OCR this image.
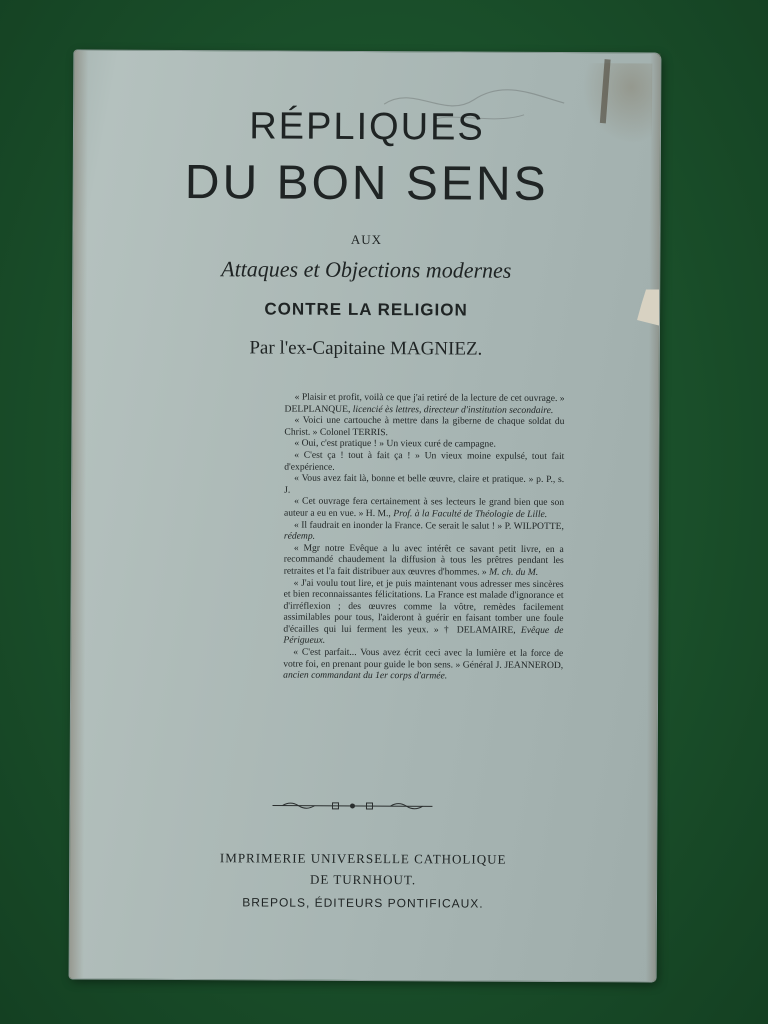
RÉPLIQUES
DU BON SENS
AUX
Attaques et Objections modernes
CONTRE LA RELIGION
Par l'ex-Capitaine MAGNIEZ.

« Plaisir et profit, voilà ce que j'ai retiré de la lecture de cet ouvrage. » DELPLANQUE, licencié ès lettres, directeur d'institution secondaire.

« Voici une cartouche à mettre dans la giberne de chaque soldat du Christ. » Colonel TERRIS.

« Oui, c'est pratique ! » Un vieux curé de campagne.

« C'est ça ! tout à fait ça ! » Un vieux moine expulsé, tout fait d'expérience.

« Vous avez fait là, bonne et belle œuvre, claire et pratique. » p. P., s. J.

« Cet ouvrage fera certainement à ses lecteurs le grand bien que son auteur a eu en vue. » H. M., Prof. à la Faculté de Théologie de Lille.

« Il faudrait en inonder la France. Ce serait le salut ! » P. WILPOTTE, rédemp.

« Mgr notre Evêque a lu avec intérêt ce savant petit livre, en a recommandé chaudement la diffusion à tous les prêtres pendant les retraites et l'a fait distribuer aux œuvres d'hommes. » M. ch. du M.

« J'ai voulu tout lire, et je puis maintenant vous adresser mes sincères et bien reconnaissantes félicitations. La France est malade d'ignorance et d'irréflexion ; des œuvres comme la vôtre, remèdes facilement assimilables pour tous, l'aideront à guérir en faisant tomber une foule d'écailles qui lui ferment les yeux. » † DELAMAIRE, Evêque de Périgueux.

« C'est parfait... Vous avez écrit ceci avec la lumière et la force de votre foi, en prenant pour guide le bon sens. » Général J. JEANNEROD, ancien commandant du 1er corps d'armée.

IMPRIMERIE UNIVERSELLE CATHOLIQUE
DE TURNHOUT.
BREPOLS, ÉDITEURS PONTIFICAUX.
